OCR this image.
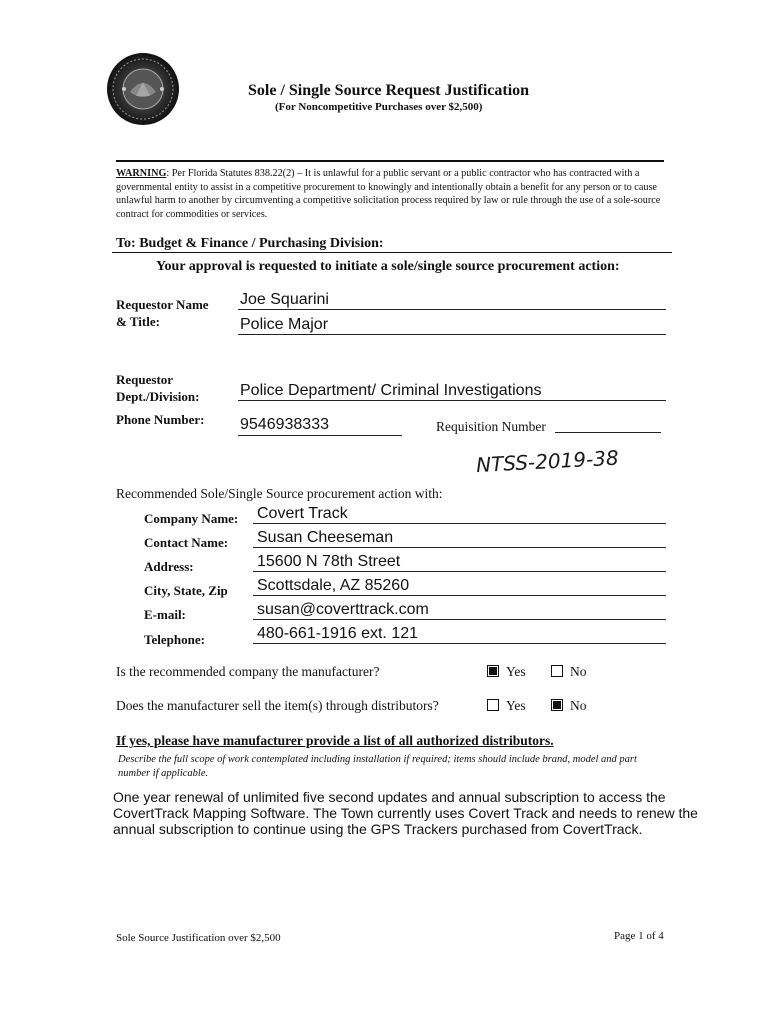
Sole / Single Source Request Justification
(For Noncompetitive Purchases over $2,500)
WARNING: Per Florida Statutes 838.22(2) – It is unlawful for a public servant or a public contractor who has contracted with a governmental entity to assist in a competitive procurement to knowingly and intentionally obtain a benefit for any person or to cause unlawful harm to another by circumventing a competitive solicitation process required by law or rule through the use of a sole-source contract for commodities or services.
To: Budget & Finance / Purchasing Division:
Your approval is requested to initiate a sole/single source procurement action:
Requestor Name
& Title:
Joe Squarini
Police Major
Requestor
Dept./Division:	Police Department/ Criminal Investigations
Phone Number: 9546938333	Requisition Number
NTSS-2019-38
Recommended Sole/Single Source procurement action with:
Company Name: Covert Track
Contact Name: Susan Cheeseman
Address:	15600 N 78th Street
City, State, Zip Scottsdale, AZ 85260
E-mail:	susan@coverttrack.com
Telephone:	480-661-1916 ext. 121
Is the recommended company the manufacturer?	Yes	No
Does the manufacturer sell the item(s) through distributors?	Yes	No
If yes, please have manufacturer provide a list of all authorized distributors.
Describe the full scope of work contemplated including installation if required; items should include brand, model and part number if applicable.
One year renewal of unlimited five second updates and annual subscription to access the CovertTrack Mapping Software. The Town currently uses Covert Track and needs to renew the annual subscription to continue using the GPS Trackers purchased from CovertTrack.
Sole Source Justification over $2,500	Page 1 of 4
